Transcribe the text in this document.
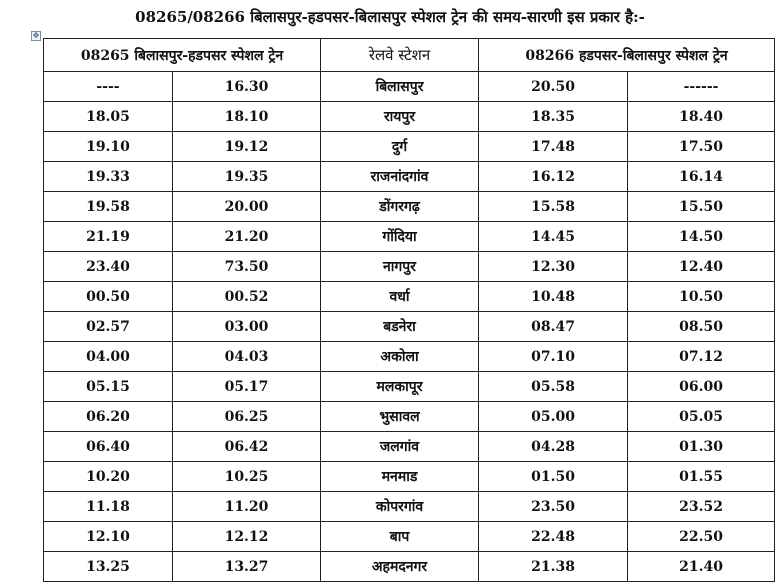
08265/08266 बिलासपुर-हडपसर-बिलासपुर स्पेशल ट्रेन की समय-सारणी इस प्रकार है:-
✥
08265 बिलासपुर-हडपसर स्पेशल ट्रेन		रेलवे स्टेशन	08266 हडपसर-बिलासपुर स्पेशल ट्रेन	
----	16.30	बिलासपुर	20.50	------
18.05	18.10	रायपुर	18.35	18.40
19.10	19.12	दुर्ग	17.48	17.50
19.33	19.35	राजनांदगांव	16.12	16.14
19.58	20.00	डोंगरगढ़	15.58	15.50
21.19	21.20	गोंदिया	14.45	14.50
23.40	73.50	नागपुर	12.30	12.40
00.50	00.52	वर्धा	10.48	10.50
02.57	03.00	बडनेरा	08.47	08.50
04.00	04.03	अकोला	07.10	07.12
05.15	05.17	मलकापूर	05.58	06.00
06.20	06.25	भुसावल	05.00	05.05
06.40	06.42	जलगांव	04.28	01.30
10.20	10.25	मनमाड	01.50	01.55
11.18	11.20	कोपरगांव	23.50	23.52
12.10	12.12	बाप	22.48	22.50
13.25	13.27	अहमदनगर	21.38	21.40
